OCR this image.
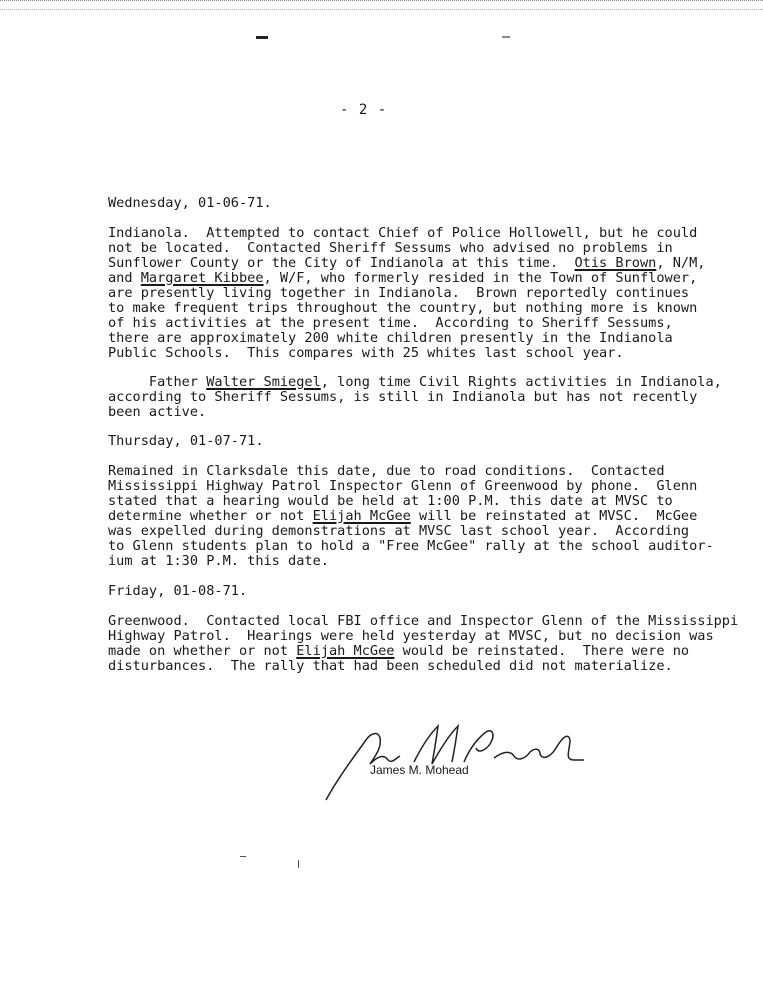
- 2 -
Wednesday, 01-06-71.
Indianola.  Attempted to contact Chief of Police Hollowell, but he could
not be located.  Contacted Sheriff Sessums who advised no problems in
Sunflower County or the City of Indianola at this time.  Otis Brown, N/M,
and Margaret Kibbee, W/F, who formerly resided in the Town of Sunflower,
are presently living together in Indianola.  Brown reportedly continues
to make frequent trips throughout the country, but nothing more is known
of his activities at the present time.  According to Sheriff Sessums,
there are approximately 200 white children presently in the Indianola
Public Schools.  This compares with 25 whites last school year.
Father Walter Smiegel, long time Civil Rights activities in Indianola,
according to Sheriff Sessums, is still in Indianola but has not recently
been active.
Thursday, 01-07-71.
Remained in Clarksdale this date, due to road conditions.  Contacted
Mississippi Highway Patrol Inspector Glenn of Greenwood by phone.  Glenn
stated that a hearing would be held at 1:00 P.M. this date at MVSC to
determine whether or not Elijah McGee will be reinstated at MVSC.  McGee
was expelled during demonstrations at MVSC last school year.  According
to Glenn students plan to hold a "Free McGee" rally at the school auditor-
ium at 1:30 P.M. this date.
Friday, 01-08-71.
Greenwood.  Contacted local FBI office and Inspector Glenn of the Mississippi
Highway Patrol.  Hearings were held yesterday at MVSC, but no decision was
made on whether or not Elijah McGee would be reinstated.  There were no
disturbances.  The rally that had been scheduled did not materialize.
James M. Mohead
